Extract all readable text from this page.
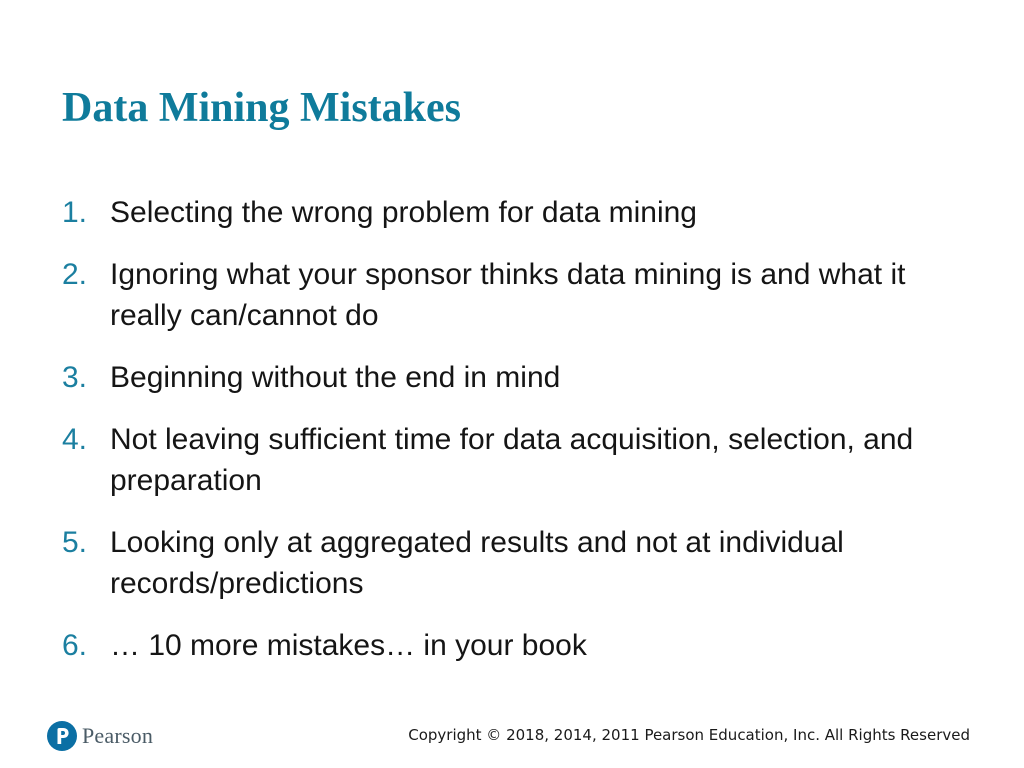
Data Mining Mistakes
1. Selecting the wrong problem for data mining
2. Ignoring what your sponsor thinks data mining is and what it really can/cannot do
3. Beginning without the end in mind
4. Not leaving sufficient time for data acquisition, selection, and preparation
5. Looking only at aggregated results and not at individual records/predictions
6. … 10 more mistakes… in your book
Pearson	Copyright © 2018, 2014, 2011 Pearson Education, Inc. All Rights Reserved
